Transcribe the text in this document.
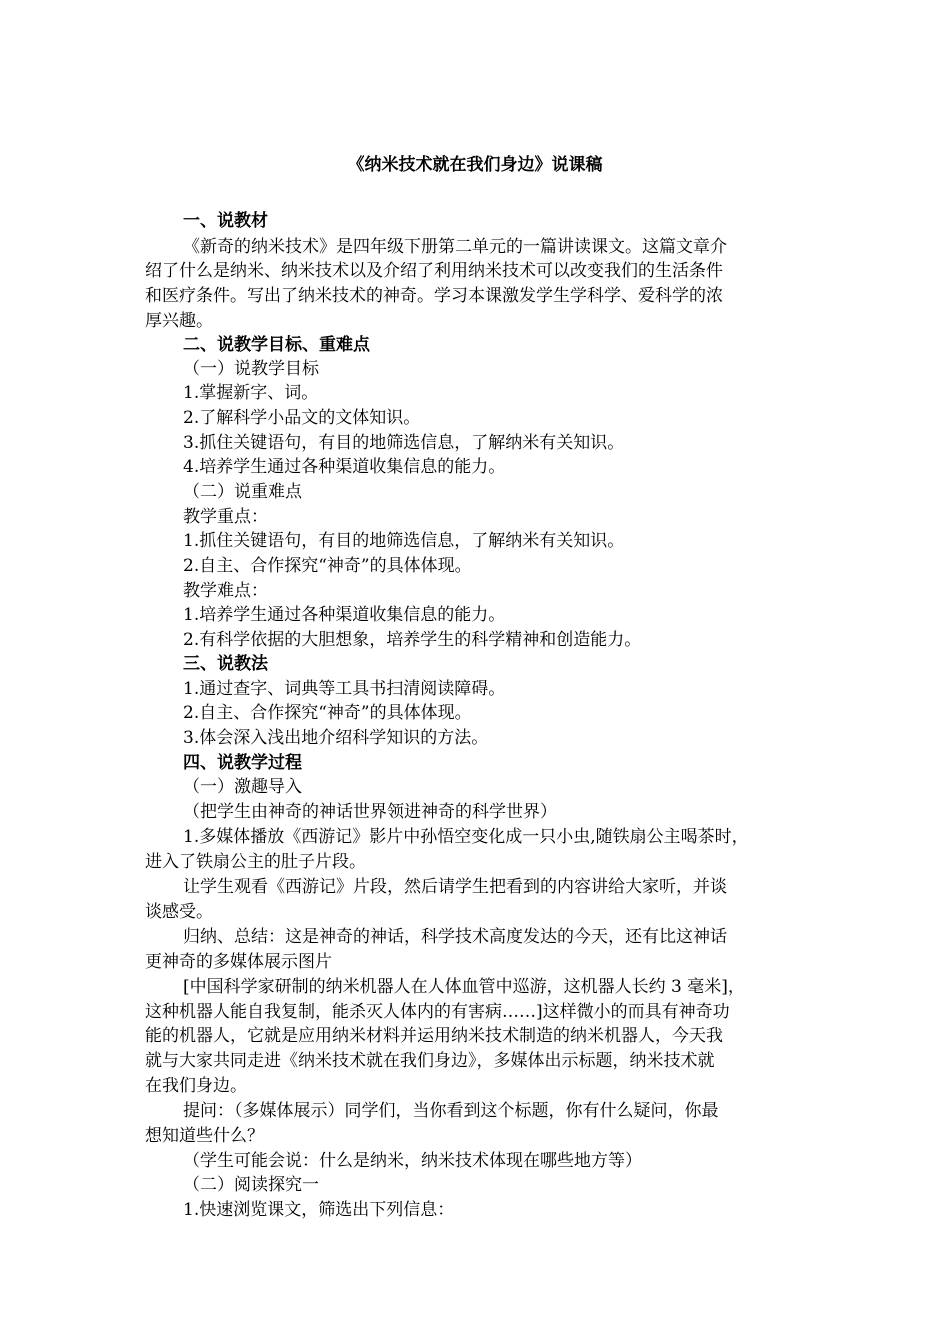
《纳米技术就在我们身边》说课稿
一、说教材
《新奇的纳米技术》是四年级下册第二单元的一篇讲读课文。这篇文章介
绍了什么是纳米、纳米技术以及介绍了利用纳米技术可以改变我们的生活条件
和医疗条件。写出了纳米技术的神奇。学习本课激发学生学科学、爱科学的浓
厚兴趣。
二、说教学目标、重难点
（一）说教学目标
1.掌握新字、词。
2.了解科学小品文的文体知识。
3.抓住关键语句，有目的地筛选信息，了解纳米有关知识。
4.培养学生通过各种渠道收集信息的能力。
（二）说重难点
教学重点：
1.抓住关键语句，有目的地筛选信息，了解纳米有关知识。
2.自主、合作探究“神奇”的具体体现。
教学难点：
1.培养学生通过各种渠道收集信息的能力。
2.有科学依据的大胆想象，培养学生的科学精神和创造能力。
三、说教法
1.通过查字、词典等工具书扫清阅读障碍。
2.自主、合作探究“神奇”的具体体现。
3.体会深入浅出地介绍科学知识的方法。
四、说教学过程
（一）激趣导入
（把学生由神奇的神话世界领进神奇的科学世界）
1.多媒体播放《西游记》影片中孙悟空变化成一只小虫,随铁扇公主喝茶时，
进入了铁扇公主的肚子片段。
让学生观看《西游记》片段，然后请学生把看到的内容讲给大家听，并谈
谈感受。
归纳、总结：这是神奇的神话，科学技术高度发达的今天，还有比这神话
更神奇的多媒体展示图片
[中国科学家研制的纳米机器人在人体血管中巡游，这机器人长约 3 毫米]，
这种机器人能自我复制，能杀灭人体内的有害病……]这样微小的而具有神奇功
能的机器人，它就是应用纳米材料并运用纳米技术制造的纳米机器人，今天我
就与大家共同走进《纳米技术就在我们身边》，多媒体出示标题，纳米技术就
在我们身边。
提问：（多媒体展示）同学们，当你看到这个标题，你有什么疑问，你最
想知道些什么？
（学生可能会说：什么是纳米，纳米技术体现在哪些地方等）
（二）阅读探究一
1.快速浏览课文，筛选出下列信息：
